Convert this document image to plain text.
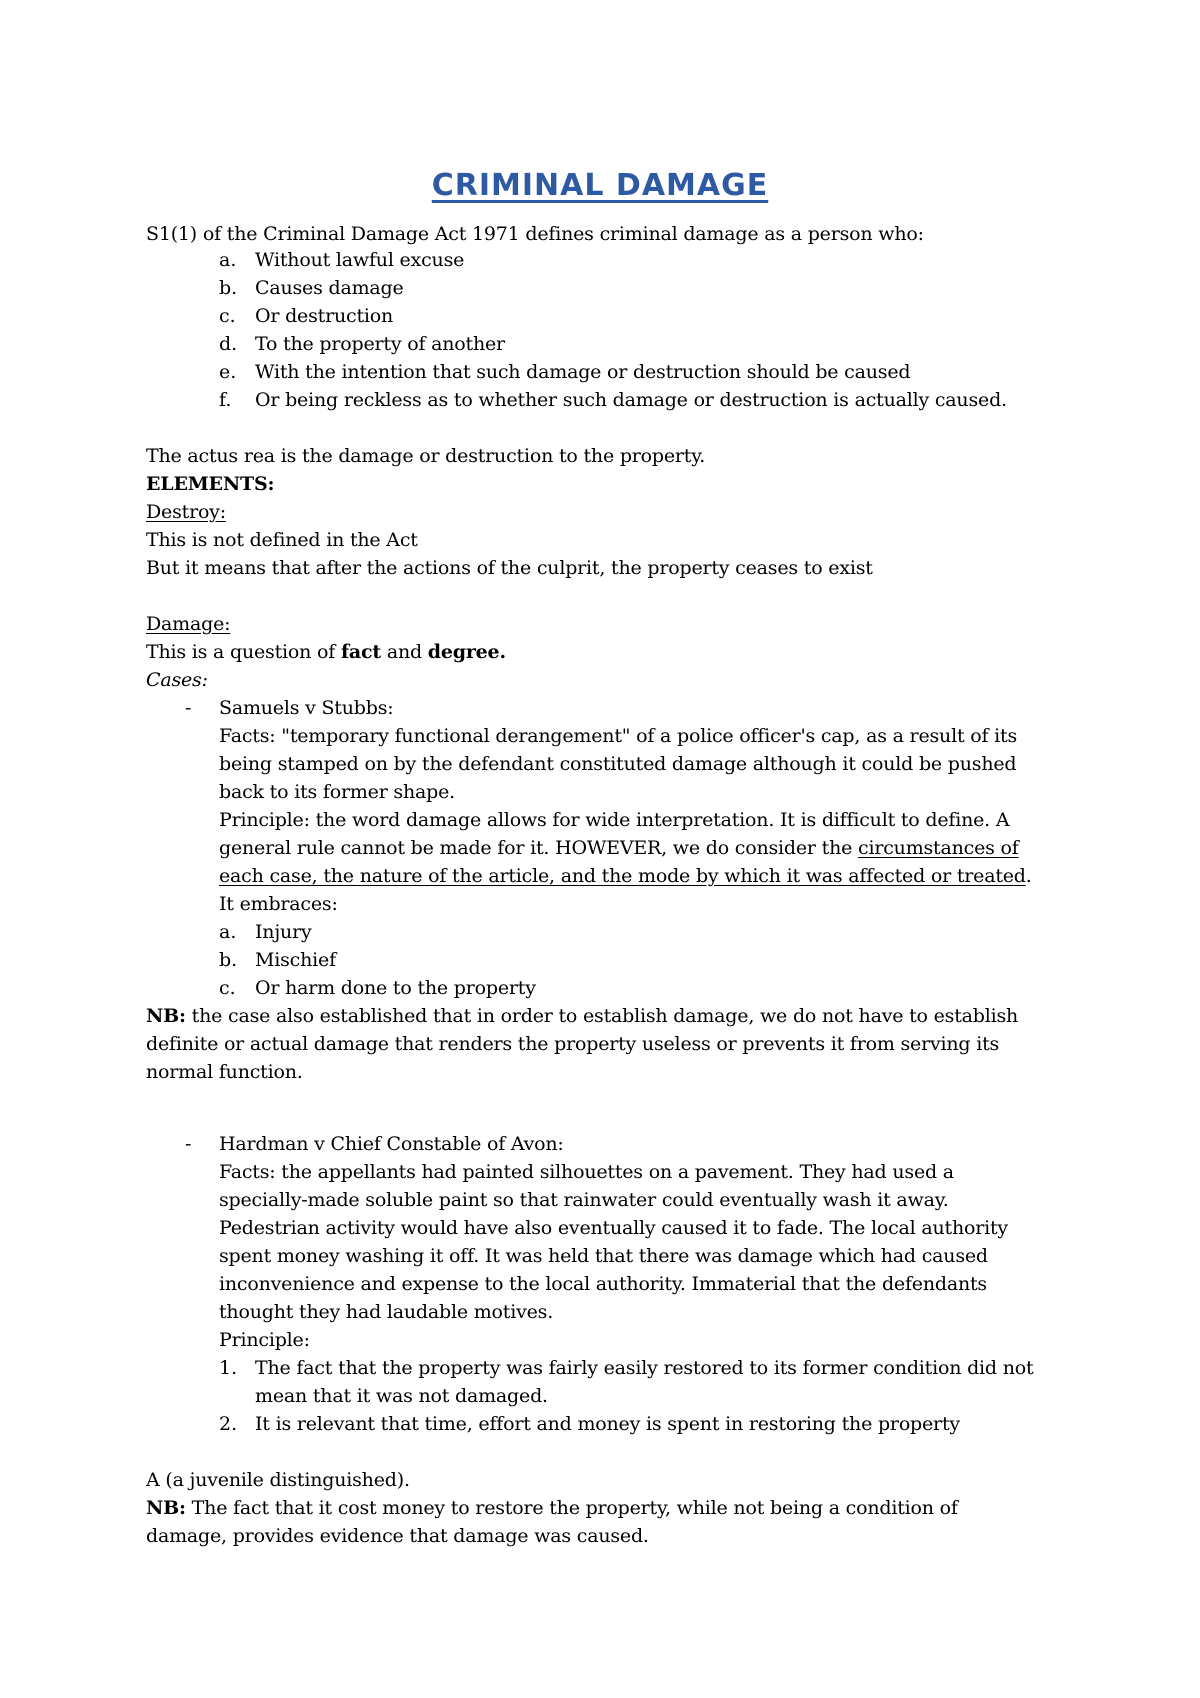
CRIMINAL DAMAGE
S1(1) of the Criminal Damage Act 1971 defines criminal damage as a person who:
a. Without lawful excuse
b. Causes damage
c. Or destruction
d. To the property of another
e. With the intention that such damage or destruction should be caused
f. Or being reckless as to whether such damage or destruction is actually caused.
The actus rea is the damage or destruction to the property.
ELEMENTS:
Destroy:
This is not defined in the Act
But it means that after the actions of the culprit, the property ceases to exist
Damage:
This is a question of fact and degree.
Cases:
- Samuels v Stubbs:
Facts: "temporary functional derangement" of a police officer's cap, as a result of its
being stamped on by the defendant constituted damage although it could be pushed
back to its former shape.
Principle: the word damage allows for wide interpretation. It is difficult to define. A
general rule cannot be made for it. HOWEVER, we do consider the circumstances of
each case, the nature of the article, and the mode by which it was affected or treated.
It embraces:
a. Injury
b. Mischief
c. Or harm done to the property
NB: the case also established that in order to establish damage, we do not have to establish
definite or actual damage that renders the property useless or prevents it from serving its
normal function.
- Hardman v Chief Constable of Avon:
Facts: the appellants had painted silhouettes on a pavement. They had used a
specially-made soluble paint so that rainwater could eventually wash it away.
Pedestrian activity would have also eventually caused it to fade. The local authority
spent money washing it off. It was held that there was damage which had caused
inconvenience and expense to the local authority. Immaterial that the defendants
thought they had laudable motives.
Principle:
1. The fact that the property was fairly easily restored to its former condition did not
mean that it was not damaged.
2. It is relevant that time, effort and money is spent in restoring the property
A (a juvenile distinguished).
NB: The fact that it cost money to restore the property, while not being a condition of
damage, provides evidence that damage was caused.
